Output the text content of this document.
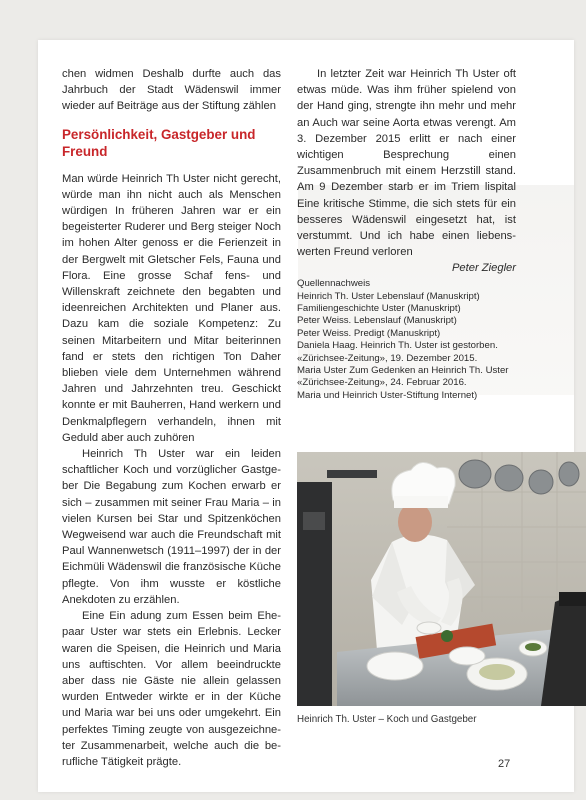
chen widmen Deshalb durfte auch das Jahrbuch der Stadt Wädenswil immer wieder auf Beiträge aus der Stiftung zählen

Persönlichkeit, Gastgeber und Freund

Man würde Heinrich Th Uster nicht gerecht, würde man ihn nicht auch als Menschen würdigen In früheren Jahren war er ein begeisterter Ruderer und Berg steiger Noch im hohen Alter genoss er die Ferienzeit in der Bergwelt mit Gletscher Fels, Fauna und Flora. Eine grosse Schaf fens- und Willenskraft zeichnete den begabten und ideenreichen Architekten und Planer aus. Dazu kam die soziale Kompetenz: Zu seinen Mitarbeitern und Mitar beiterinnen fand er stets den richtigen Ton Daher blieben viele dem Unternehmen während Jahren und Jahrzehnten treu. Geschickt konnte er mit Bauherren, Hand werkern und Denkmalpflegern verhandeln, ihnen mit Geduld aber auch zuhören

Heinrich Th Uster war ein leiden schaftlicher Koch und vorzüglicher Gastgeber Die Begabung zum Kochen erwarb er sich – zusammen mit seiner Frau Maria – in vielen Kursen bei Star und Spitzenköchen Wegweisend war auch die Freundschaft mit Paul Wannenwetsch (1911–1997) der in der Eichmüli Wädenswil die französische Küche pflegte. Von ihm wusste er köstliche Anekdoten zu erzählen.

Eine Ein adung zum Essen beim Ehepaar Uster war stets ein Erlebnis. Lecker waren die Speisen, die Heinrich und Maria uns auftischten. Vor allem beeindruckte aber dass nie Gäste nie allein gelassen wurden Entweder wirkte er in der Küche und Maria war bei uns oder umgekehrt. Ein perfektes Timing zeugte von ausgezeichneter Zusammenarbeit, welche auch die berufliche Tätigkeit prägte.

In letzter Zeit war Heinrich Th Uster oft etwas müde. Was ihm früher spielend von der Hand ging, strengte ihn mehr und mehr an Auch war seine Aorta etwas verengt. Am 3. Dezember 2015 erlitt er nach einer wichtigen Besprechung einen Zusammenbruch mit einem Herzstill stand. Am 9 Dezember starb er im Triem lispital Eine kritische Stimme, die sich stets für ein besseres Wädenswil eingesetzt hat, ist verstummt. Und ich habe einen liebenswerten Freund verloren

Peter Ziegler

Quellennachweis

Heinrich Th. Uster Lebenslauf (Manuskript)

Familiengeschichte Uster (Manuskript)

Peter Weiss. Lebenslauf (Manuskript)

Peter Weiss. Predigt (Manuskript)

Daniela Haag. Heinrich Th. Uster ist gestorben. «Zürichsee-Zeitung», 19. Dezember 2015.

Maria Uster Zum Gedenken an Heinrich Th. Uster «Zürichsee-Zeitung», 24. Februar 2016.

Maria und Heinrich Uster-Stiftung Internet)

Heinrich Th. Uster – Koch und Gastgeber
27
